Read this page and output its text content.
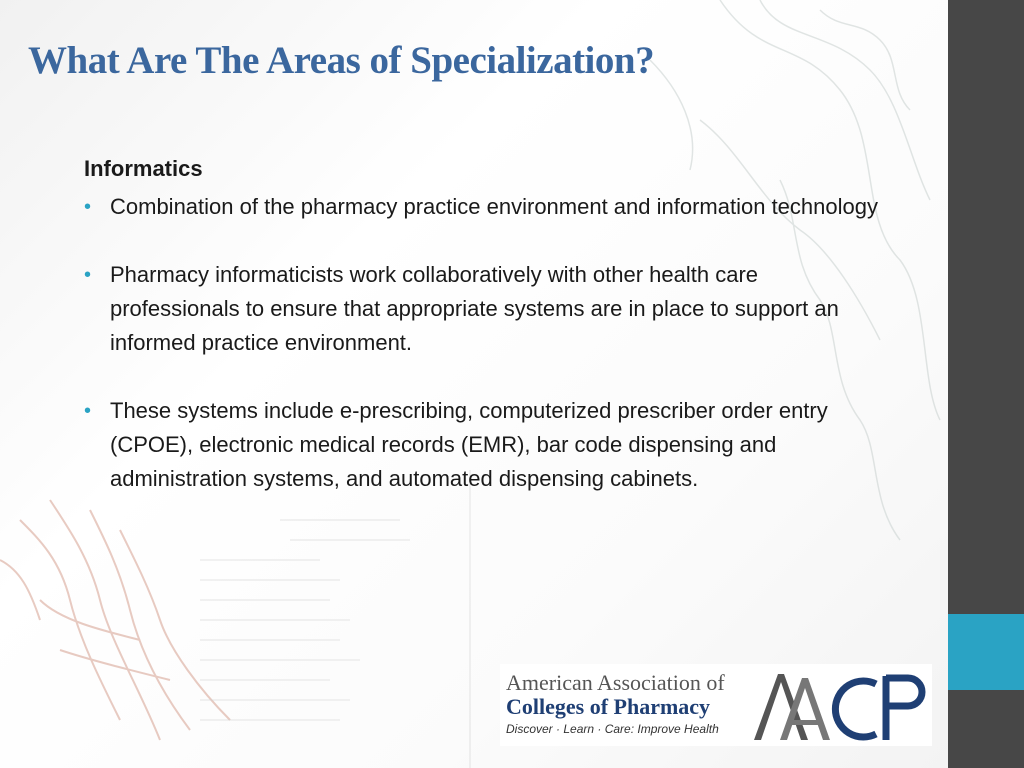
What Are The Areas of Specialization?

Informatics

• Combination of the pharmacy practice environment and information technology
• Pharmacy informaticists work collaboratively with other health care professionals to ensure that appropriate systems are in place to support an informed practice environment.
• These systems include e-prescribing, computerized prescriber order entry (CPOE), electronic medical records (EMR), bar code dispensing and administration systems, and automated dispensing cabinets.
American Association of
Colleges of Pharmacy
Discover · Learn · Care: Improve Health
